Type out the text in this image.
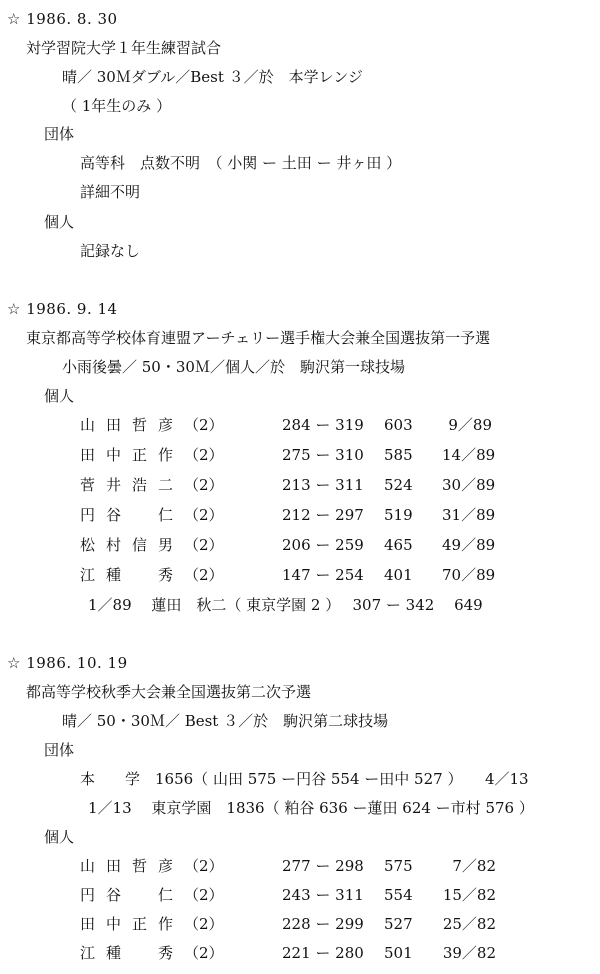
☆ 1986. 8. 30
対学習院大学１年生練習試合
晴／ 30Ｍダブル／Best ３／於　本学レンジ
（ 1年生のみ ）
団体
高等科　点数不明　（ 小関 ー 土田 ー 井ヶ田 ）
詳細不明
個人
記録なし
☆ 1986. 9. 14
東京都高等学校体育連盟アーチェリー選手権大会兼全国選抜第一予選
小雨後曇／ 50・30Ｍ／個人／於　駒沢第一球技場
個人
山田哲彦 （2）	284 ー 319 603	9／89
田中正作 （2）	275 ー 310 585 14／89
菅井浩二 （2）	213 ー 311 524 30／89
円谷　仁 （2）	212 ー 297 519 31／89
松村信男 （2）	206 ー 259 465 49／89
江種　秀 （2）	147 ー 254 401 70／89
1／89　 蓮田　秋二（ 東京学園 2 ）　 307 ー 342　 649
☆ 1986. 10. 19
都高等学校秋季大会兼全国選抜第二次予選
晴／ 50・30Ｍ／ Best ３／於　駒沢第二球技場
団体
本　　学　1656（ 山田 575 ー円谷 554 ー田中 527 ）　　4／13
1／13　 東京学園　1836（ 粕谷 636 ー蓮田 624 ー市村 576 ）
個人
山田哲彦 （2）	277 ー 298 575	7／82
円谷　仁 （2）	243 ー 311 554 15／82
田中正作 （2）	228 ー 299 527 25／82
江種　秀 （2）	221 ー 280 501 39／82
